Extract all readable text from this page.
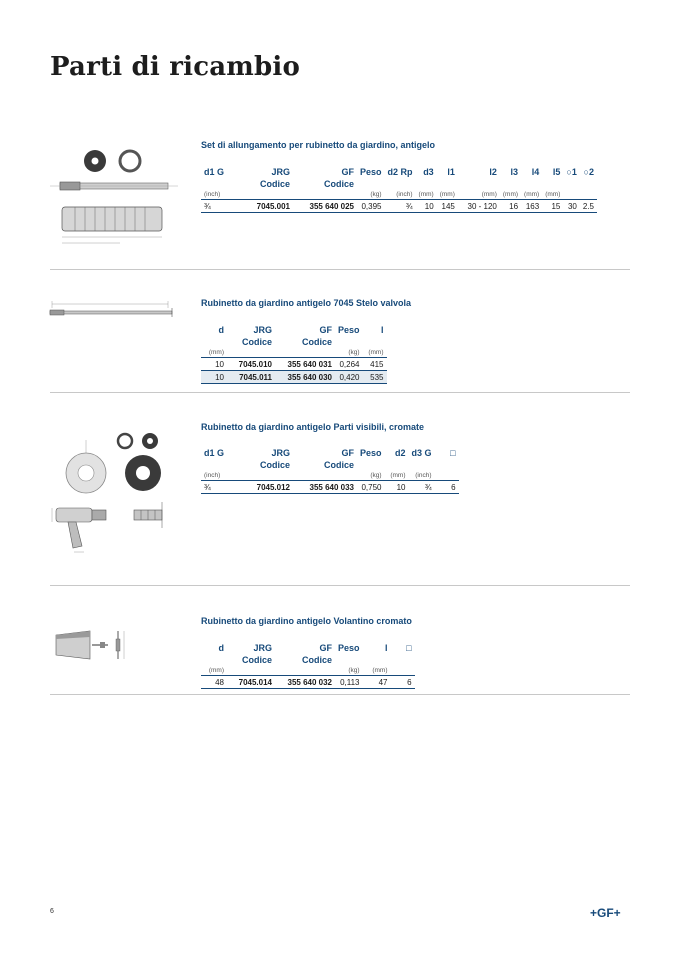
Parti di ricambio
Set di allungamento per rubinetto da giardino, antigelo
d1 G	JRG	GF	Peso	d2 Rp	d3	l1	l2	l3	l4	l5	○1	○2
	Codice	Codice										
(inch)			(kg)	(inch)	(mm)	(mm)	(mm)	(mm)	(mm)	(mm)		
¾	7045.001	355 640 025	0,395	¾	10	145	30 - 120	16	163	15	30	2.5
Rubinetto da giardino antigelo 7045 Stelo valvola
d	JRG	GF	Peso	l
	Codice	Codice		
(mm)			(kg)	(mm)
10	7045.010	355 640 031	0,264	415
10	7045.011	355 640 030	0,420	535
Rubinetto da giardino antigelo Parti visibili, cromate
d1 G	JRG	GF	Peso	d2	d3 G	□
	Codice	Codice				
(inch)			(kg)	(mm)	(inch)	
¾	7045.012	355 640 033	0,750	10	¾	6
Rubinetto da giardino antigelo Volantino cromato
d	JRG	GF	Peso	l	□
	Codice	Codice			
(mm)			(kg)	(mm)	
48	7045.014	355 640 032	0,113	47	6
6	+GF+
